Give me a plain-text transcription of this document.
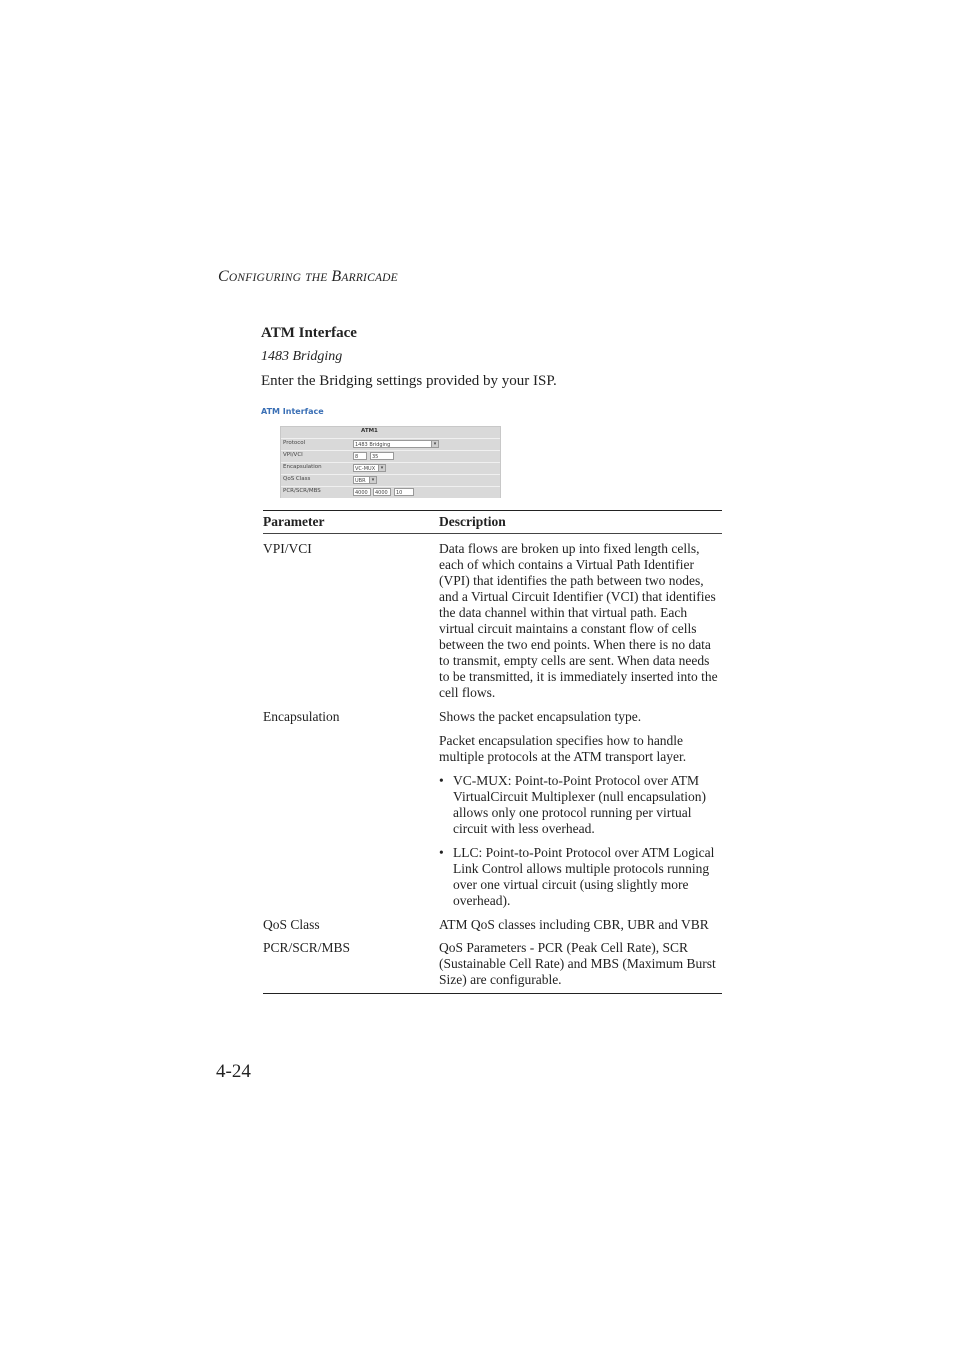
CONFIGURING THE BARRICADE
ATM Interface
1483 Bridging
Enter the Bridging settings provided by your ISP.
ATM Interface
ATM1
Protocol	1483 Bridging	▾
VPI/VCI	8	35
Encapsulation	VC-MUX	▾
QoS Class	UBR	▾
PCR/SCR/MBS	4000	4000	10
Parameter	Description
VPI/VCI	Data flows are broken up into fixed length cells, each of which contains a Virtual Path Identifier (VPI) that identifies the path between two nodes, and a Virtual Circuit Identifier (VCI) that identifies the data channel within that virtual path. Each virtual circuit maintains a constant flow of cells between the two end points. When there is no data to transmit, empty cells are sent. When data needs to be transmitted, it is immediately inserted into the cell flows.

Encapsulation	Shows the packet encapsulation type.

Packet encapsulation specifies how to handle multiple protocols at the ATM transport layer.

• VC-MUX: Point-to-Point Protocol over ATM VirtualCircuit Multiplexer (null encapsulation) allows only one protocol running per virtual circuit with less overhead.
• LLC: Point-to-Point Protocol over ATM Logical Link Control allows multiple protocols running over one virtual circuit (using slightly more overhead).
QoS Class	ATM QoS classes including CBR, UBR and VBR

PCR/SCR/MBS	QoS Parameters - PCR (Peak Cell Rate), SCR (Sustainable Cell Rate) and MBS (Maximum Burst Size) are configurable.

4-24
